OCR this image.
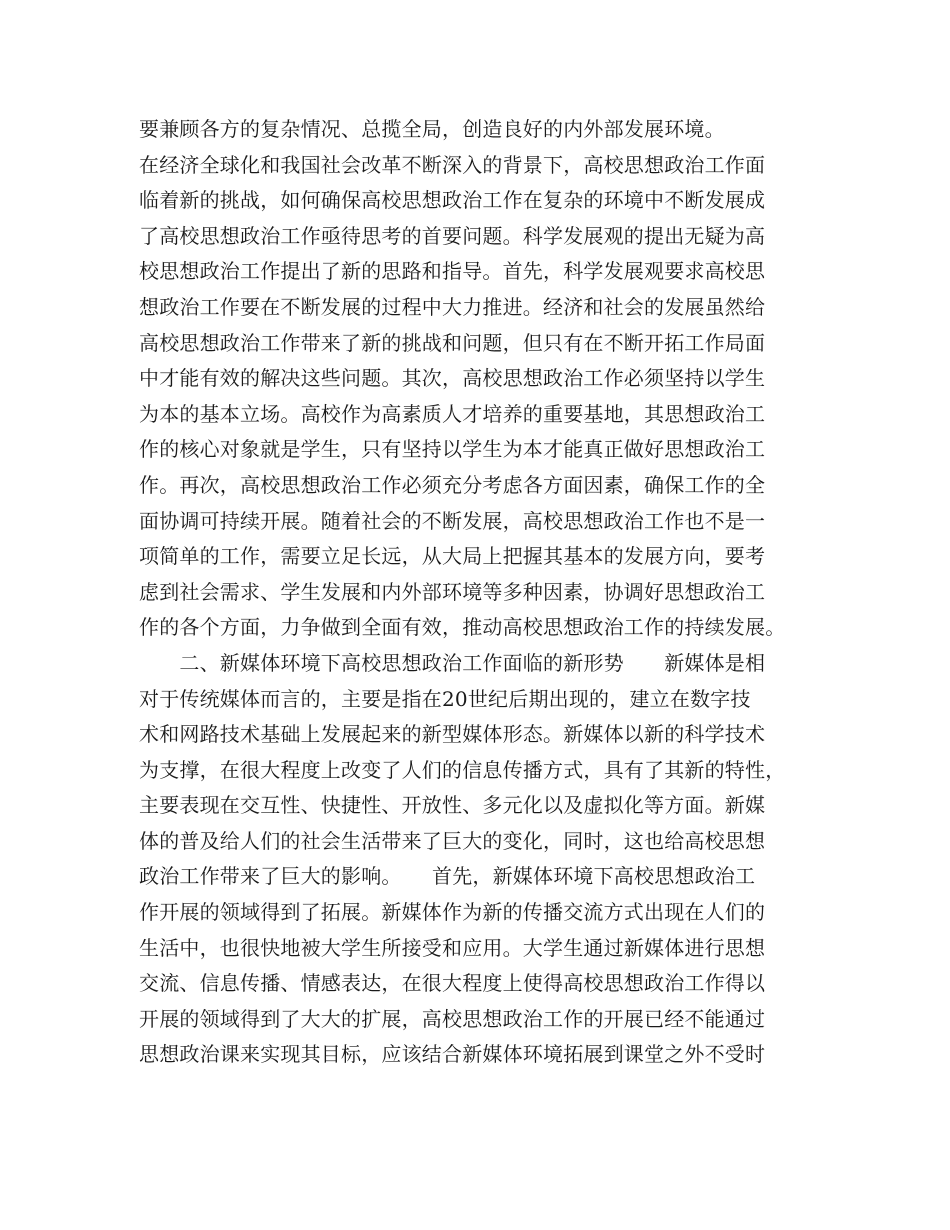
要兼顾各方的复杂情况、总揽全局，创造良好的内外部发展环境。
在经济全球化和我国社会改革不断深入的背景下，高校思想政治工作面
临着新的挑战，如何确保高校思想政治工作在复杂的环境中不断发展成
了高校思想政治工作亟待思考的首要问题。科学发展观的提出无疑为高
校思想政治工作提出了新的思路和指导。首先，科学发展观要求高校思
想政治工作要在不断发展的过程中大力推进。经济和社会的发展虽然给
高校思想政治工作带来了新的挑战和问题，但只有在不断开拓工作局面
中才能有效的解决这些问题。其次，高校思想政治工作必须坚持以学生
为本的基本立场。高校作为高素质人才培养的重要基地，其思想政治工
作的核心对象就是学生，只有坚持以学生为本才能真正做好思想政治工
作。再次，高校思想政治工作必须充分考虑各方面因素，确保工作的全
面协调可持续开展。随着社会的不断发展，高校思想政治工作也不是一
项简单的工作，需要立足长远，从大局上把握其基本的发展方向，要考
虑到社会需求、学生发展和内外部环境等多种因素，协调好思想政治工
作的各个方面，力争做到全面有效，推动高校思想政治工作的持续发展。
　　二、新媒体环境下高校思想政治工作面临的新形势　　新媒体是相
对于传统媒体而言的，主要是指在20世纪后期出现的，建立在数字技
术和网路技术基础上发展起来的新型媒体形态。新媒体以新的科学技术
为支撑，在很大程度上改变了人们的信息传播方式，具有了其新的特性，
主要表现在交互性、快捷性、开放性、多元化以及虚拟化等方面。新媒
体的普及给人们的社会生活带来了巨大的变化，同时，这也给高校思想
政治工作带来了巨大的影响。　　首先，新媒体环境下高校思想政治工
作开展的领域得到了拓展。新媒体作为新的传播交流方式出现在人们的
生活中，也很快地被大学生所接受和应用。大学生通过新媒体进行思想
交流、信息传播、情感表达，在很大程度上使得高校思想政治工作得以
开展的领域得到了大大的扩展，高校思想政治工作的开展已经不能通过
思想政治课来实现其目标，应该结合新媒体环境拓展到课堂之外不受时
